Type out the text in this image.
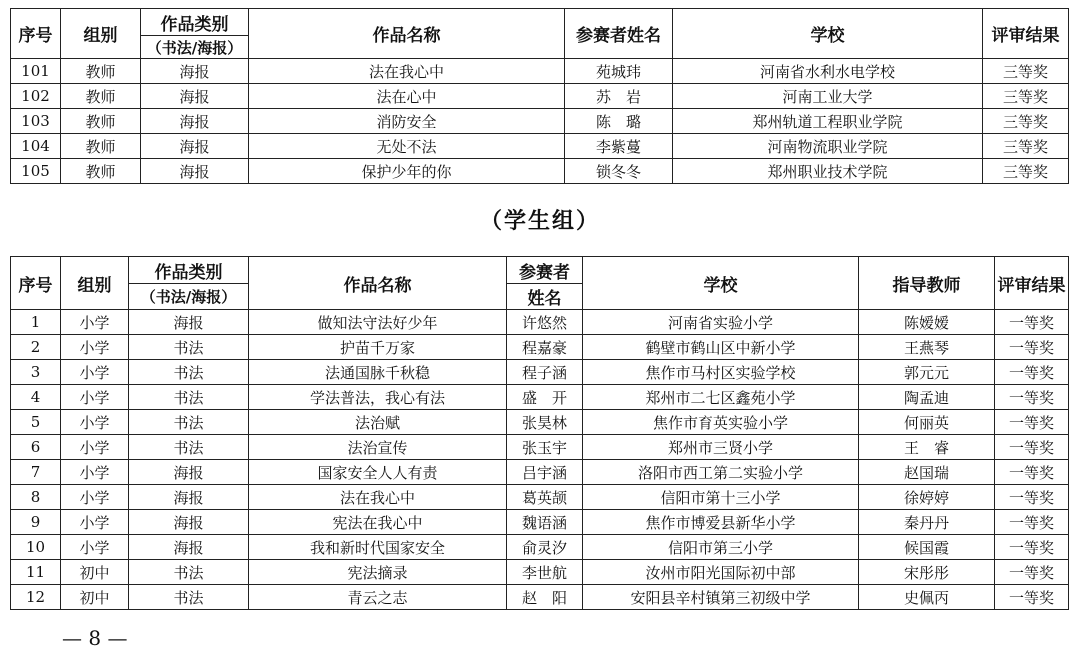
序号	组别	作品类别	作品名称	参赛者姓名	学校	评审结果
		（书法/海报）				
101	教师	海报	法在我心中	苑城玮	河南省水利水电学校	三等奖
102	教师	海报	法在心中	苏　岩	河南工业大学	三等奖
103	教师	海报	消防安全	陈　璐	郑州轨道工程职业学院	三等奖
104	教师	海报	无处不法	李紫蔓	河南物流职业学院	三等奖
105	教师	海报	保护少年的你	锁冬冬	郑州职业技术学院	三等奖
（学生组）
序号	组别	作品类别	作品名称	参赛者	学校	指导教师	评审结果
		（书法/海报）		姓名			
1	小学	海报	做知法守法好少年	许悠然	河南省实验小学	陈嫒嫒	一等奖
2	小学	书法	护苗千万家	程嘉豪	鹤壁市鹤山区中新小学	王燕琴	一等奖
3	小学	书法	法通国脉千秋稳	程子涵	焦作市马村区实验学校	郭元元	一等奖
4	小学	书法	学法普法，我心有法	盛　开	郑州市二七区鑫苑小学	陶孟迪	一等奖
5	小学	书法	法治赋	张昊林	焦作市育英实验小学	何丽英	一等奖
6	小学	书法	法治宣传	张玉宇	郑州市三贤小学	王　睿	一等奖
7	小学	海报	国家安全人人有责	吕宇涵	洛阳市西工第二实验小学	赵国瑞	一等奖
8	小学	海报	法在我心中	葛英颉	信阳市第十三小学	徐婷婷	一等奖
9	小学	海报	宪法在我心中	魏语涵	焦作市博爱县新华小学	秦丹丹	一等奖
10	小学	海报	我和新时代国家安全	俞灵汐	信阳市第三小学	候国霞	一等奖
11	初中	书法	宪法摘录	李世航	汝州市阳光国际初中部	宋彤彤	一等奖
12	初中	书法	青云之志	赵　阳	安阳县辛村镇第三初级中学	史佩丙	一等奖
— 8 —
